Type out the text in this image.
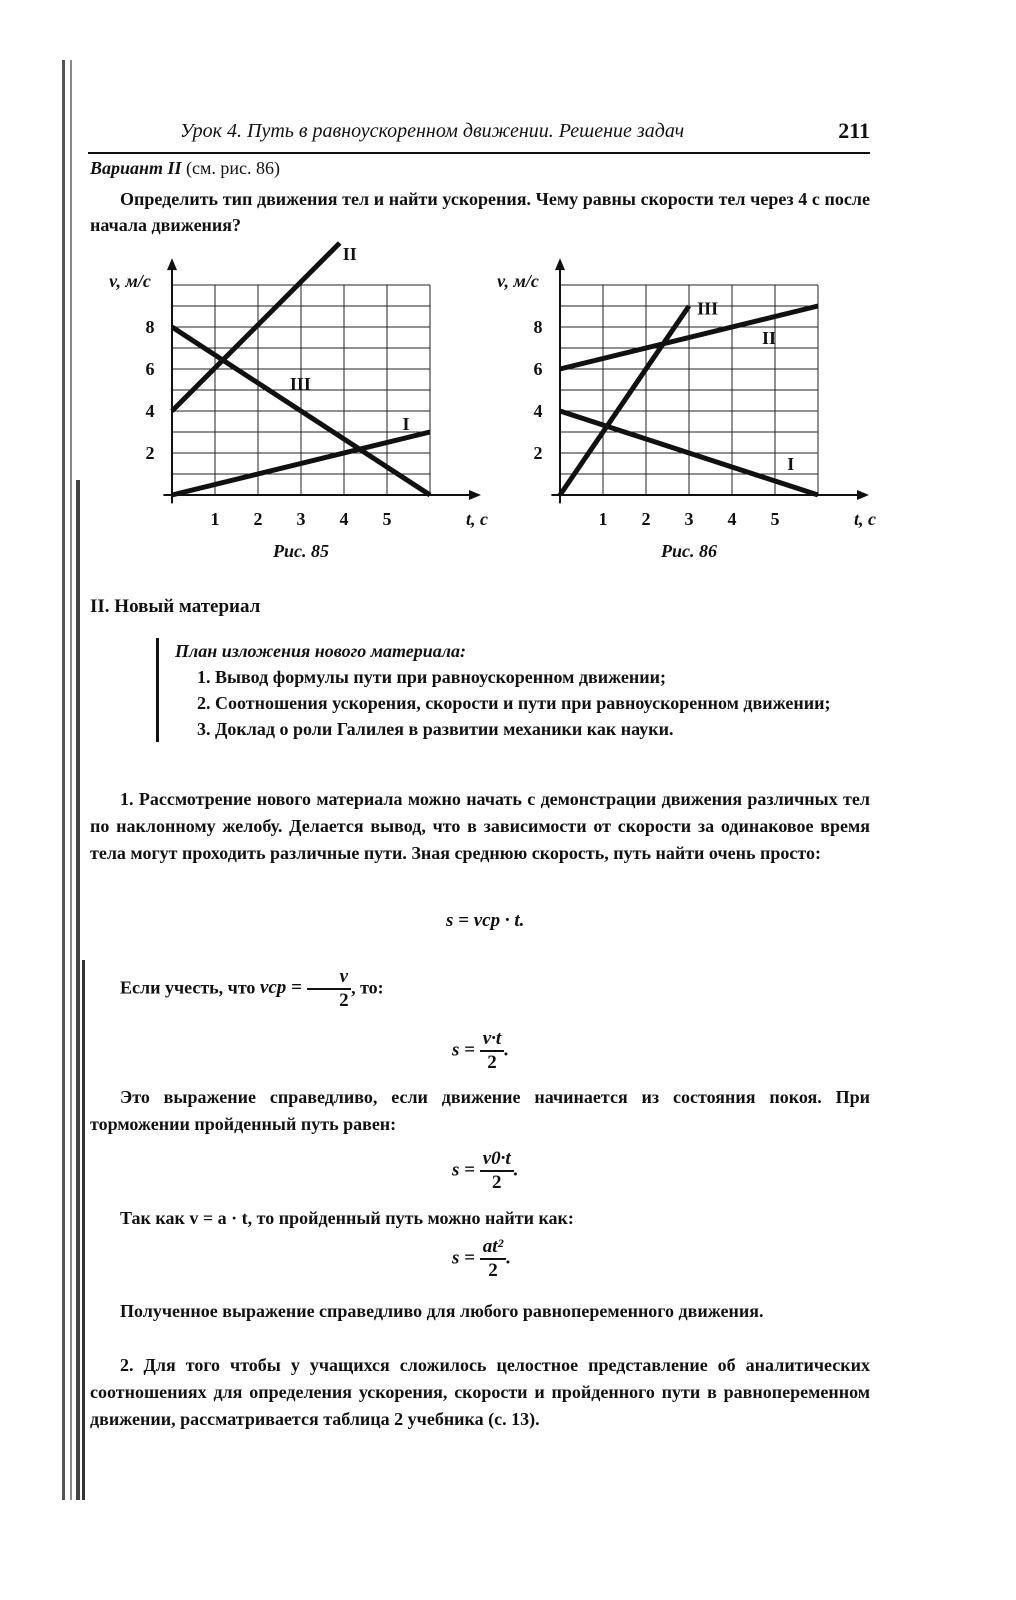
Урок 4. Путь в равноускоренном движении. Решение задач	211
Вариант II (см. рис. 86)
Определить тип движения тел и найти ускорения. Чему равны скорости тел через 4 с после начала движения?
1 2 3 4 5
2
4
6
8
v, м/с
t, с
I
II
III
Рис. 85
1 2 3 4 5
2
4
6
8
v, м/с
t, с
I
II
III
Рис. 86
II. Новый материал
План изложения нового материала:
1. Вывод формулы пути при равноускоренном движении;
2. Соотношения ускорения, скорости и пути при равноускоренном движении;
3. Доклад о роли Галилея в развитии механики как науки.
1. Рассмотрение нового материала можно начать с демонстрации движения различных тел по наклонному желобу. Делается вывод, что в зависимости от скорости за одинаковое время тела могут проходить различные пути. Зная среднюю скорость, путь найти очень просто:
s = vср · t.
Если учесть, что vср = $\frac{v}{2}$ , то:
$s = \frac{v\cdot t}{2}$ .
Это выражение справедливо, если движение начинается из состояния покоя. При торможении пройденный путь равен:
$s = \frac{v0\cdot t}{2}$ .
Так как v = a · t, то пройденный путь можно найти как:
$s = \frac{\text{at²}}{2}$ .
Полученное выражение справедливо для любого равнопеременного движения.
2. Для того чтобы у учащихся сложилось целостное представление об аналитических соотношениях для определения ускорения, скорости и пройденного пути в равнопеременном движении, рассматривается таблица 2 учебника (с. 13).
